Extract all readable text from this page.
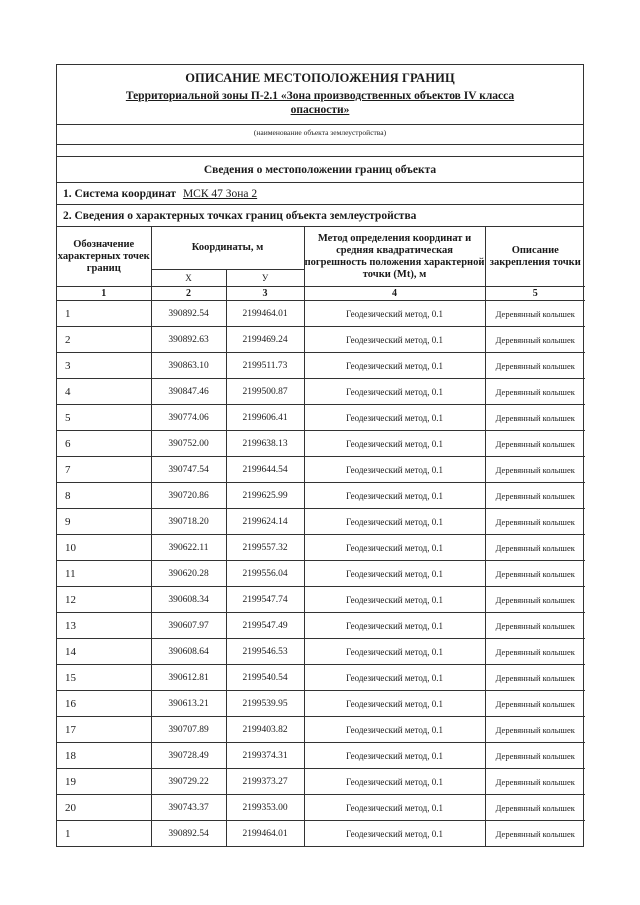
ОПИСАНИЕ МЕСТОПОЛОЖЕНИЯ ГРАНИЦ
Территориальной зоны П-2.1 «Зона производственных объектов IV класса
опасности»
(наименование объекта землеустройства)
Сведения о местоположении границ объекта
1. Система координат МСК 47 Зона 2
2. Сведения о характерных точках границ объекта землеустройства
Обозначение характерных точек границ	Координаты, м		Метод определения координат и средняя квадратическая погрешность положения характерной точки (Мt), м	Описание закрепления точки
	Х	У		
1	2	3	4	5
1	390892.54	2199464.01	Геодезический метод, 0.1	Деревянный колышек
2	390892.63	2199469.24	Геодезический метод, 0.1	Деревянный колышек
3	390863.10	2199511.73	Геодезический метод, 0.1	Деревянный колышек
4	390847.46	2199500.87	Геодезический метод, 0.1	Деревянный колышек
5	390774.06	2199606.41	Геодезический метод, 0.1	Деревянный колышек
6	390752.00	2199638.13	Геодезический метод, 0.1	Деревянный колышек
7	390747.54	2199644.54	Геодезический метод, 0.1	Деревянный колышек
8	390720.86	2199625.99	Геодезический метод, 0.1	Деревянный колышек
9	390718.20	2199624.14	Геодезический метод, 0.1	Деревянный колышек
10	390622.11	2199557.32	Геодезический метод, 0.1	Деревянный колышек
11	390620.28	2199556.04	Геодезический метод, 0.1	Деревянный колышек
12	390608.34	2199547.74	Геодезический метод, 0.1	Деревянный колышек
13	390607.97	2199547.49	Геодезический метод, 0.1	Деревянный колышек
14	390608.64	2199546.53	Геодезический метод, 0.1	Деревянный колышек
15	390612.81	2199540.54	Геодезический метод, 0.1	Деревянный колышек
16	390613.21	2199539.95	Геодезический метод, 0.1	Деревянный колышек
17	390707.89	2199403.82	Геодезический метод, 0.1	Деревянный колышек
18	390728.49	2199374.31	Геодезический метод, 0.1	Деревянный колышек
19	390729.22	2199373.27	Геодезический метод, 0.1	Деревянный колышек
20	390743.37	2199353.00	Геодезический метод, 0.1	Деревянный колышек
1	390892.54	2199464.01	Геодезический метод, 0.1	Деревянный колышек
